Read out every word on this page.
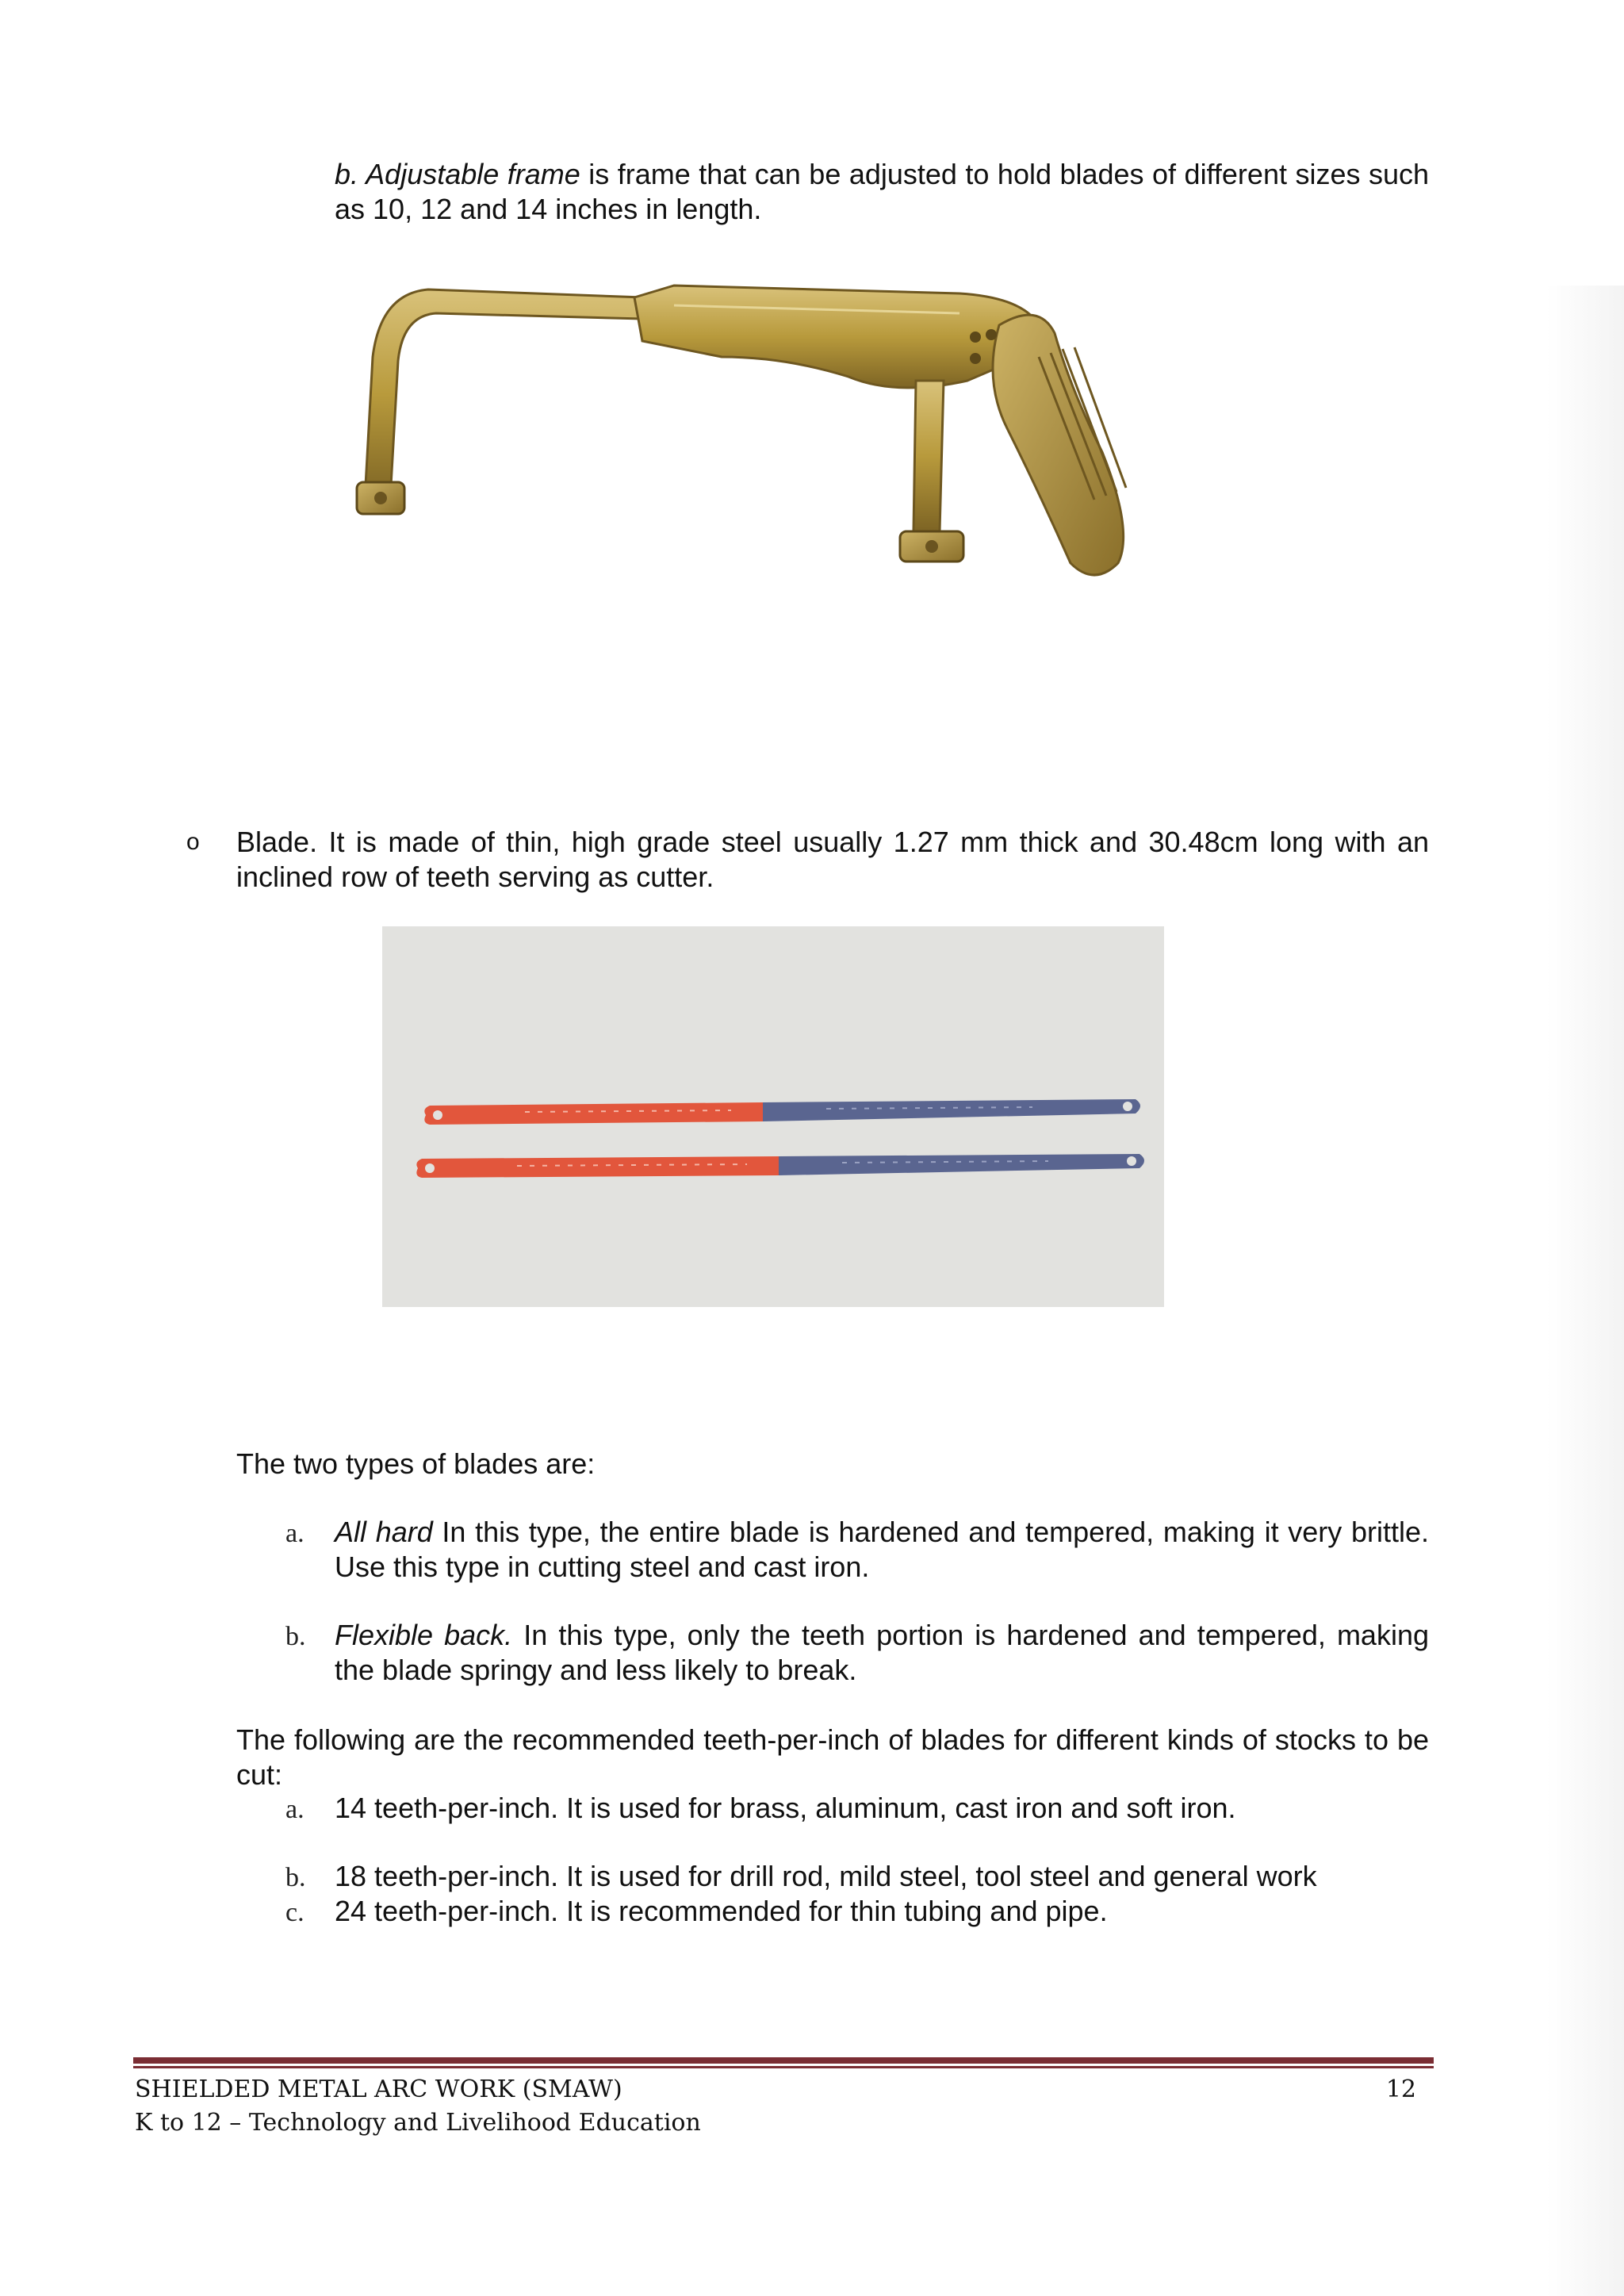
b. Adjustable frame is frame that can be adjusted to hold blades of different sizes such as 10, 12 and 14 inches in length.
o Blade. It is made of thin, high grade steel usually 1.27 mm thick and 30.48cm long with an inclined row of teeth serving as cutter.
The two types of blades are:
a. All hard In this type, the entire blade is hardened and tempered, making it very brittle. Use this type in cutting steel and cast iron.
b. Flexible back. In this type, only the teeth portion is hardened and tempered, making the blade springy and less likely to break.
The following are the recommended teeth-per-inch of blades for different kinds of stocks to be cut:
a. 14 teeth-per-inch. It is used for brass, aluminum, cast iron and soft iron.
b. 18 teeth-per-inch. It is used for drill rod, mild steel, tool steel and general work
c. 24 teeth-per-inch. It is recommended for thin tubing and pipe.
SHIELDED METAL ARC WORK (SMAW)	12
K to 12 – Technology and Livelihood Education
